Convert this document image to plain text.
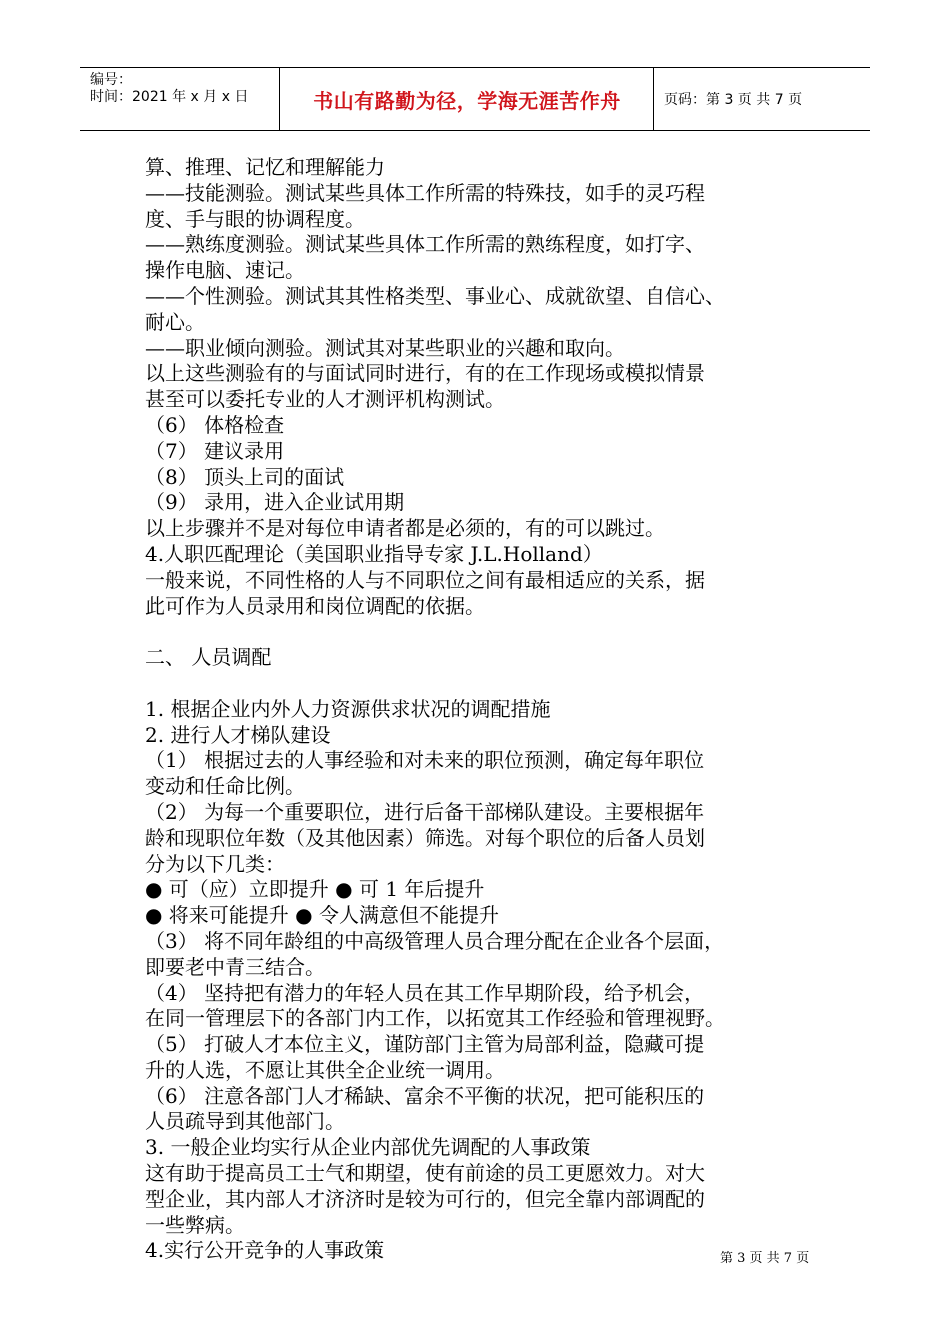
编号：
时间：2021 年 x 月 x 日	书山有路勤为径，学海无涯苦作舟	页码：第 3 页 共 7 页
算、推理、记忆和理解能力
——技能测验。测试某些具体工作所需的特殊技，如手的灵巧程
度、手与眼的协调程度。
——熟练度测验。测试某些具体工作所需的熟练程度，如打字、
操作电脑、速记。
——个性测验。测试其其性格类型、事业心、成就欲望、自信心、
耐心。
——职业倾向测验。测试其对某些职业的兴趣和取向。
以上这些测验有的与面试同时进行，有的在工作现场或模拟情景
甚至可以委托专业的人才测评机构测试。
（6） 体格检查
（7） 建议录用
（8） 顶头上司的面试
（9） 录用，进入企业试用期
以上步骤并不是对每位申请者都是必须的，有的可以跳过。
4.人职匹配理论（美国职业指导专家 J.L.Holland）
一般来说，不同性格的人与不同职位之间有最相适应的关系，据
此可作为人员录用和岗位调配的依据。
二、 人员调配
1. 根据企业内外人力资源供求状况的调配措施
2. 进行人才梯队建设
（1） 根据过去的人事经验和对未来的职位预测，确定每年职位
变动和任命比例。
（2） 为每一个重要职位，进行后备干部梯队建设。主要根据年
龄和现职位年数（及其他因素）筛选。对每个职位的后备人员划
分为以下几类：
● 可（应）立即提升 ● 可 1 年后提升
● 将来可能提升 ● 令人满意但不能提升
（3） 将不同年龄组的中高级管理人员合理分配在企业各个层面，
即要老中青三结合。
（4） 坚持把有潜力的年轻人员在其工作早期阶段，给予机会，
在同一管理层下的各部门内工作，以拓宽其工作经验和管理视野。
（5） 打破人才本位主义，谨防部门主管为局部利益，隐藏可提
升的人选，不愿让其供全企业统一调用。
（6） 注意各部门人才稀缺、富余不平衡的状况，把可能积压的
人员疏导到其他部门。
3. 一般企业均实行从企业内部优先调配的人事政策
这有助于提高员工士气和期望，使有前途的员工更愿效力。对大
型企业，其内部人才济济时是较为可行的，但完全靠内部调配的
一些弊病。
4.实行公开竞争的人事政策	第 3 页 共 7 页
